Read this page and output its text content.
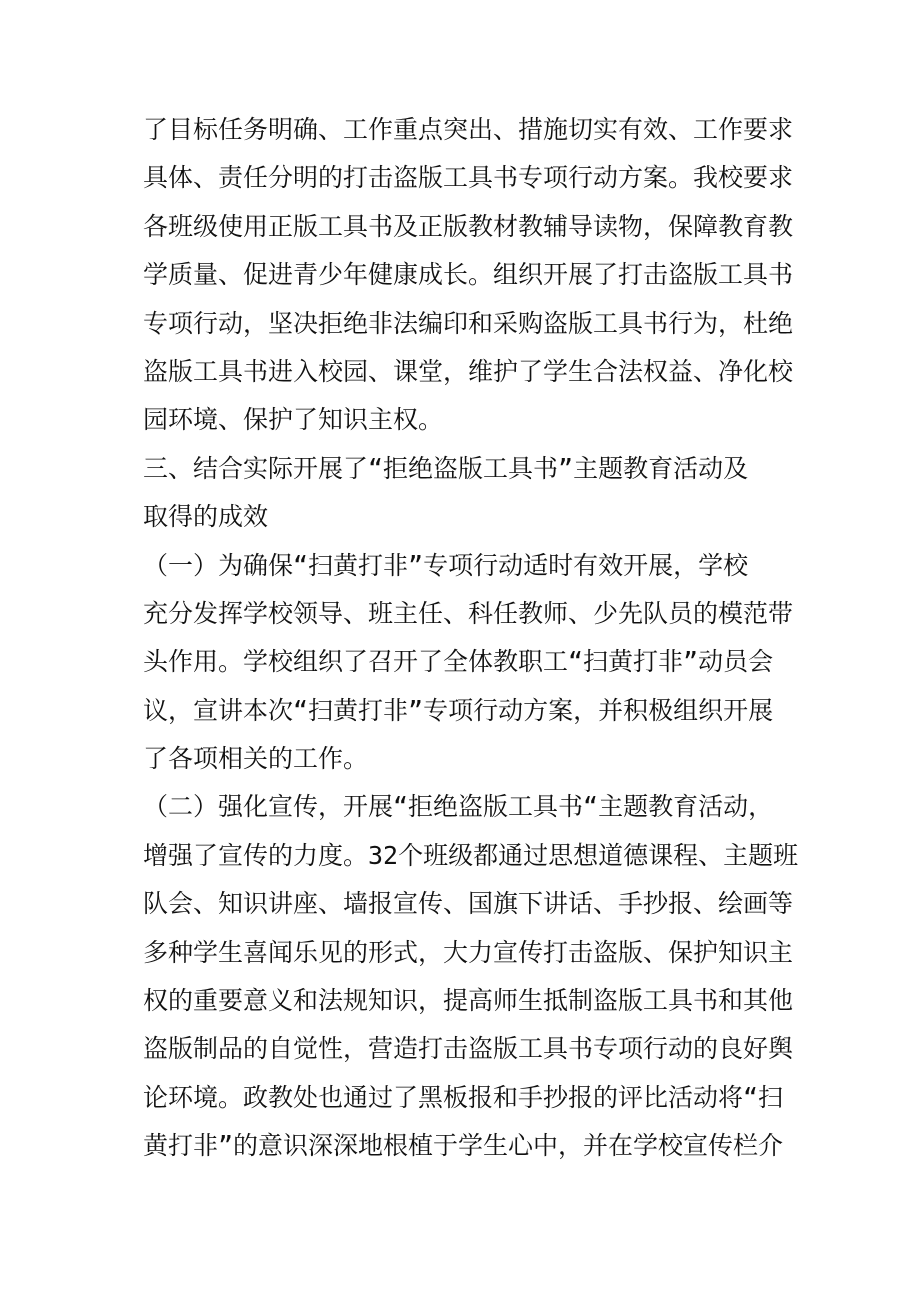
了目标任务明确、工作重点突出、措施切实有效、工作要求
具体、责任分明的打击盗版工具书专项行动方案。我校要求
各班级使用正版工具书及正版教材教辅导读物，保障教育教
学质量、促进青少年健康成长。组织开展了打击盗版工具书
专项行动，坚决拒绝非法编印和采购盗版工具书行为，杜绝
盗版工具书进入校园、课堂，维护了学生合法权益、净化校
园环境、保护了知识主权。
三、结合实际开展了“拒绝盗版工具书”主题教育活动及
取得的成效
（一）为确保“扫黄打非”专项行动适时有效开展，学校
充分发挥学校领导、班主任、科任教师、少先队员的模范带
头作用。学校组织了召开了全体教职工“扫黄打非”动员会
议，宣讲本次“扫黄打非”专项行动方案，并积极组织开展
了各项相关的工作。
（二）强化宣传，开展“拒绝盗版工具书“主题教育活动，
增强了宣传的力度。32个班级都通过思想道德课程、主题班
队会、知识讲座、墙报宣传、国旗下讲话、手抄报、绘画等
多种学生喜闻乐见的形式，大力宣传打击盗版、保护知识主
权的重要意义和法规知识，提高师生抵制盗版工具书和其他
盗版制品的自觉性，营造打击盗版工具书专项行动的良好舆
论环境。政教处也通过了黑板报和手抄报的评比活动将“扫
黄打非”的意识深深地根植于学生心中，并在学校宣传栏介
